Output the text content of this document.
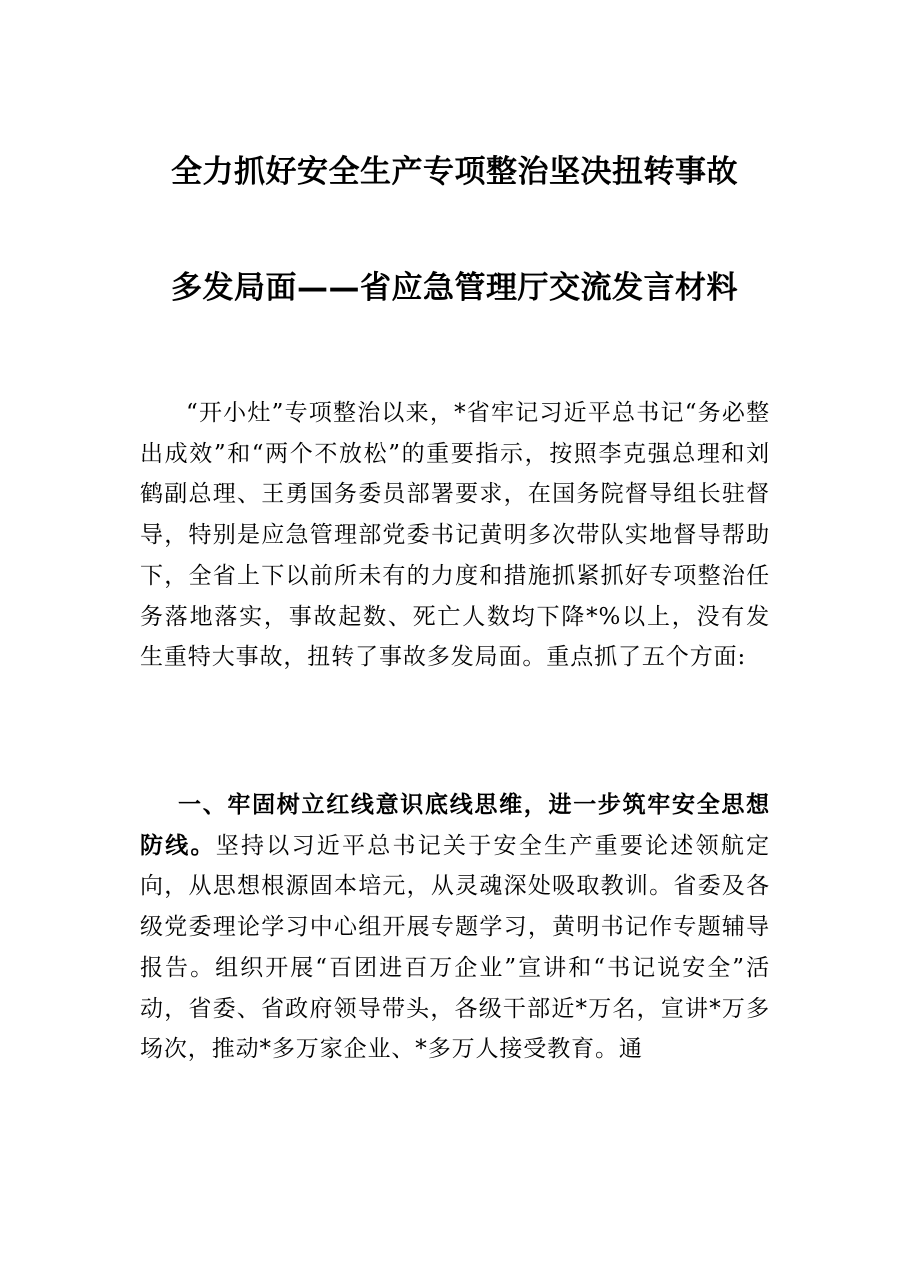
全力抓好安全生产专项整治坚决扭转事故
多发局面——省应急管理厅交流发言材料
“开小灶”专项整治以来，*省牢记习近平总书记“务必整出成效”和“两个不放松”的重要指示，按照李克强总理和刘鹤副总理、王勇国务委员部署要求，在国务院督导组长驻督导，特别是应急管理部党委书记黄明多次带队实地督导帮助下，全省上下以前所未有的力度和措施抓紧抓好专项整治任务落地落实，事故起数、死亡人数均下降*%以上，没有发生重特大事故，扭转了事故多发局面。重点抓了五个方面:
一、牢固树立红线意识底线思维，进一步筑牢安全思想防线。坚持以习近平总书记关于安全生产重要论述领航定向，从思想根源固本培元，从灵魂深处吸取教训。省委及各级党委理论学习中心组开展专题学习，黄明书记作专题辅导报告。组织开展“百团进百万企业”宣讲和“书记说安全”活动，省委、省政府领导带头，各级干部近*万名，宣讲*万多场次，推动*多万家企业、*多万人接受教育。通
